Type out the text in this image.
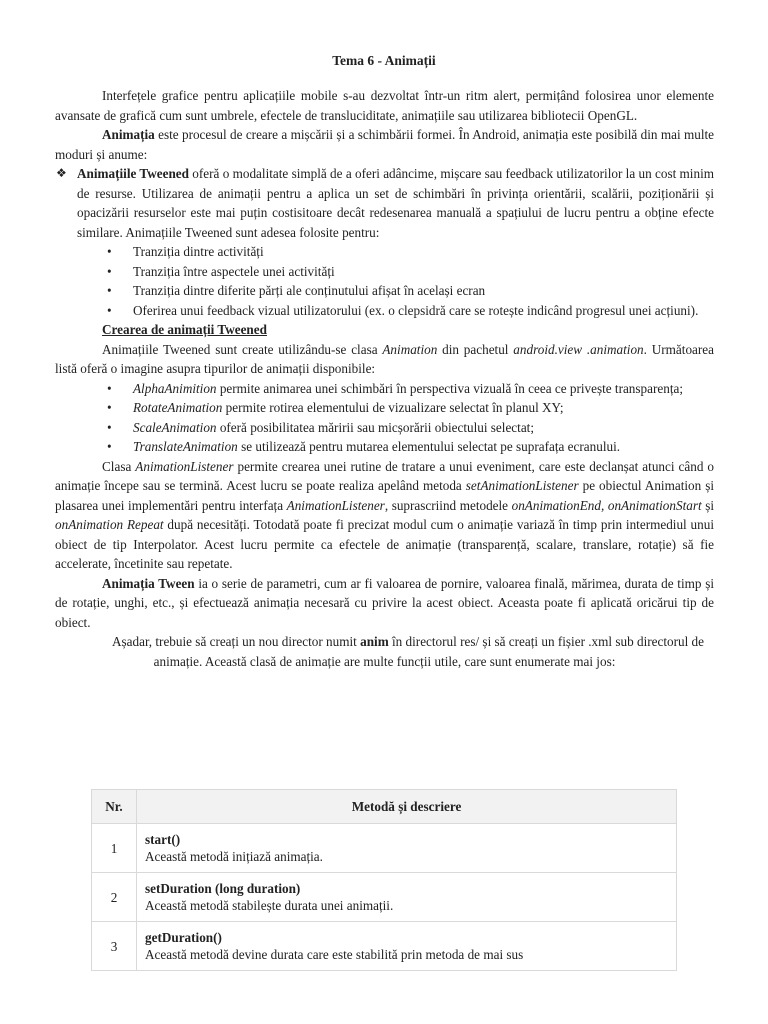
Tema 6 - Animații

Interfețele grafice pentru aplicațiile mobile s-au dezvoltat într-un ritm alert, permițând folosirea unor elemente avansate de grafică cum sunt umbrele, efectele de transluciditate, animațiile sau utilizarea bibliotecii OpenGL.

Animația este procesul de creare a mișcării și a schimbării formei. În Android, animația este posibilă din mai multe moduri și anume:

❖ Animațiile Tweened oferă o modalitate simplă de a oferi adâncime, mișcare sau feedback utilizatorilor la un cost minim de resurse. Utilizarea de animații pentru a aplica un set de schimbări în privința orientării, scalării, poziționării și opacizării resurselor este mai puțin costisitoare decât redesenarea manuală a spațiului de lucru pentru a obține efecte similare. Animațiile Tweened sunt adesea folosite pentru:

• Tranziția dintre activități
• Tranziția între aspectele unei activități
• Tranziția dintre diferite părți ale conținutului afișat în același ecran
• Oferirea unui feedback vizual utilizatorului (ex. o clepsidră care se rotește indicând progresul unei acțiuni).

Crearea de animații Tweened

Animațiile Tweened sunt create utilizându-se clasa Animation din pachetul android.view .animation. Următoarea listă oferă o imagine asupra tipurilor de animații disponibile:

• AlphaAnimition permite animarea unei schimbări în perspectiva vizuală în ceea ce privește transparența;
• RotateAnimation permite rotirea elementului de vizualizare selectat în planul XY;
• ScaleAnimation oferă posibilitatea măririi sau micșorării obiectului selectat;
• TranslateAnimation se utilizează pentru mutarea elementului selectat pe suprafața ecranului.

Clasa AnimationListener permite crearea unei rutine de tratare a unui eveniment, care este declanșat atunci când o animație începe sau se termină. Acest lucru se poate realiza apelând metoda setAnimationListener pe obiectul Animation și plasarea unei implementări pentru interfața AnimationListener, suprascriind metodele onAnimationEnd, onAnimationStart și onAnimation Repeat după necesități. Totodată poate fi precizat modul cum o animație variază în timp prin intermediul unui obiect de tip Interpolator. Acest lucru permite ca efectele de animație (transparență, scalare, translare, rotație) să fie accelerate, încetinite sau repetate.

Animația Tween ia o serie de parametri, cum ar fi valoarea de pornire, valoarea finală, mărimea, durata de timp și de rotație, unghi, etc., și efectuează animația necesară cu privire la acest obiect. Aceasta poate fi aplicată oricărui tip de obiect.

Așadar, trebuie să creați un nou director numit anim în directorul res/ și să creați un fișier .xml sub directorul de animație. Această clasă de animație are multe funcții utile, care sunt enumerate mai jos:

Nr.	Metodă și descriere
1	start()
Această metodă inițiază animația.

2	setDuration (long duration)
Această metodă stabilește durata unei animații.

3	getDuration()
Această metodă devine durata care este stabilită prin metoda de mai sus
